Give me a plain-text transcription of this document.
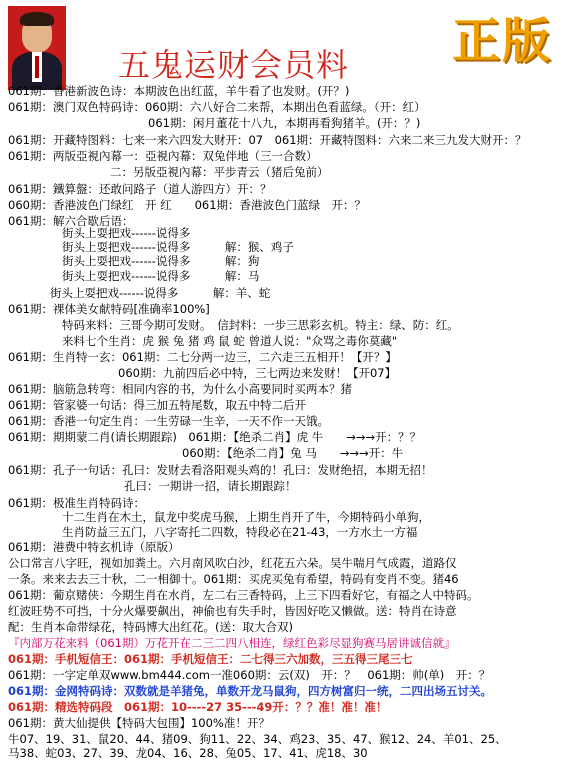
五鬼运财会员料 正版
061期：香港新波色诗：本期波色出红蓝，羊牛看了也发财。(开？)
061期：澳门双色特码诗：060期：六八好合二来帮，本期出色看蓝绿。（开：红）
061期：闲月董花十八九，本期再看狗猪羊。(开：？)
061期：开藏特图料：七来一来六四发大财开：07　061期：开藏特图料：六来二来三九发大财开：？
061期：两版亞視內幕一：亞視內幕：双兔伴地（三一合数）
二：另版亞視內幕：平步青云（猪后兔前）
061期：鐵算盤：还敢问路子（道人游四方）开：？
060期：香港波色门绿红　开 红　　061期：香港波色门蓝绿　开：？
061期：解六合歇后语：
街头上耍把戏------说得多
街头上耍把戏------说得多　　　解：猴、鸡子
街头上耍把戏------说得多　　　解：狗
街头上耍把戏------说得多　　　解：马
街头上耍把戏------说得多　　　解：羊、蛇
061期：裸体美女献特码[准确率100%]
特码来料：三哥今期可发财。　信封料：一步三思彩玄机。特主：绿、防：红。
来料七个生肖：虎 猴 兔 猪 鸡 鼠 蛇 曾道人说："众骂之毒你莫藏"
061期：生肖特一玄：061期：二七分两一边三，二六走三五相开！【开？】
060期：九前四后必中特，三七两边来发财！【开07】
061期：脑筋急转弯：相同内容的书，为什么小高要同时买两本？猪
061期：管家婆一句话：得三加五特尾数，取五中特二后开
061期：香港一句定生肖：一生劳碌一生辛，一天不作一天饿。
061期：期期蒙二肖(请长期跟踪)　061期：【绝杀二肖】虎 牛　　→→→开：？？
060期：【绝杀二肖】兔 马　　→→→开：牛
061期：孔子一句话：孔曰：发财去看洛阳观头鸡的！孔曰：发财绝招，本期无招！
孔曰：一期讲一招，请长期跟踪！
061期：极准生肖特码诗：
十二生肖在木土，鼠龙中奖虎马猴，上期生肖开了牛，今期特码小单狗，
生肖防益三五门，八字寄托二四数，特段必在21-43，一方水土一方福
061期：港费中特玄机诗（原版）
公口常言八字旺，视如加粪土。六月南风吹白沙，红花五六朵。吴牛喘月气成霞，道路仅
一条。来来去去三十秋，二一相御十。061期：买虎买兔有希望，特码有变肖不变。猪46
061期：葡京赌侠：今期生肖在水肖，左二右三香特码，上三下四看好它，有福之人中特码。
红波旺势不可挡，十分火爆要飙出，神偷也有失手时，皆因好吃又懒做。送：特肖在诗意
配：生肖本命带绿花，特码博大出红花。(送：取大合双)
『内部万花来料（061期）万花开在二三二四八相连，绿红色彩尽显狗赛马居讲诚信就』
061期：手机短信王：061期：手机短信王：二七得三六加数，三五得三尾三七
061期：一字定单双www.bm444.com一准060期：云(双)　开：？　061期：帅(单)　开：？
061期：金网特码诗：双数就是羊猪兔，单数开龙马鼠狗，四方树富归一统，二四出场五讨关。
061期：精选特码段　061期：10----27 35---49开：？？准！准！准！
061期：黄大仙提供【特码大包围】100%准！开？
牛07、19、31、鼠20、44、猪09、狗11、22、34、鸡23、35、47、猴12、24、羊01、25、
马38、蛇03、27、39、龙04、16、28、兔05、17、41、虎18、30
